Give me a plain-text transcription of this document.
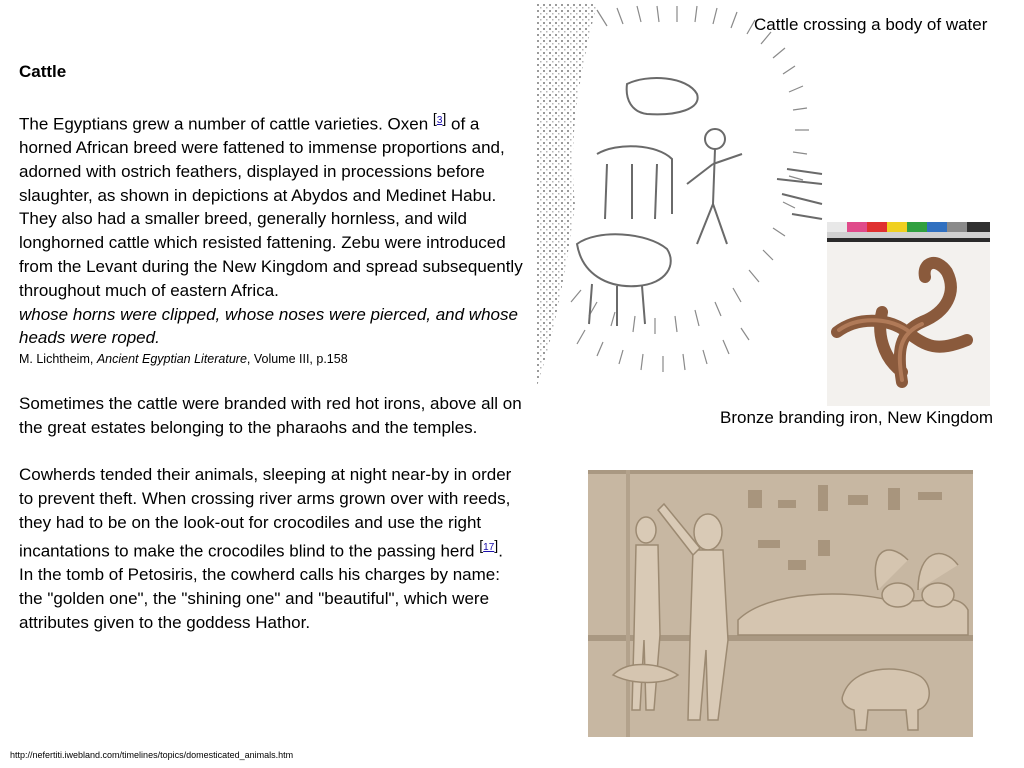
Cattle

The Egyptians grew a number of cattle varieties. Oxen [3] of a horned African breed were fattened to immense proportions and, adorned with ostrich feathers, displayed in processions before slaughter, as shown in depictions at Abydos and Medinet Habu. They also had a smaller breed, generally hornless, and wild longhorned cattle which resisted fattening. Zebu were introduced from the Levant during the New Kingdom and spread subsequently throughout much of eastern Africa.

whose horns were clipped, whose noses were pierced, and whose heads were roped.

M. Lichtheim, Ancient Egyptian Literature, Volume III, p.158

Sometimes the cattle were branded with red hot irons, above all on the great estates belonging to the pharaohs and the temples.

Cowherds tended their animals, sleeping at night near-by in order to prevent theft. When crossing river arms grown over with reeds, they had to be on the look-out for crocodiles and use the right incantations to make the crocodiles blind to the passing herd [17].

In the tomb of Petosiris, the cowherd calls his charges by name: the "golden one", the "shining one" and "beautiful", which were attributes given to the goddess Hathor.

Cattle crossing a body of water
Bronze branding iron, New Kingdom
http://nefertiti.iwebland.com/timelines/topics/domesticated_animals.htm
